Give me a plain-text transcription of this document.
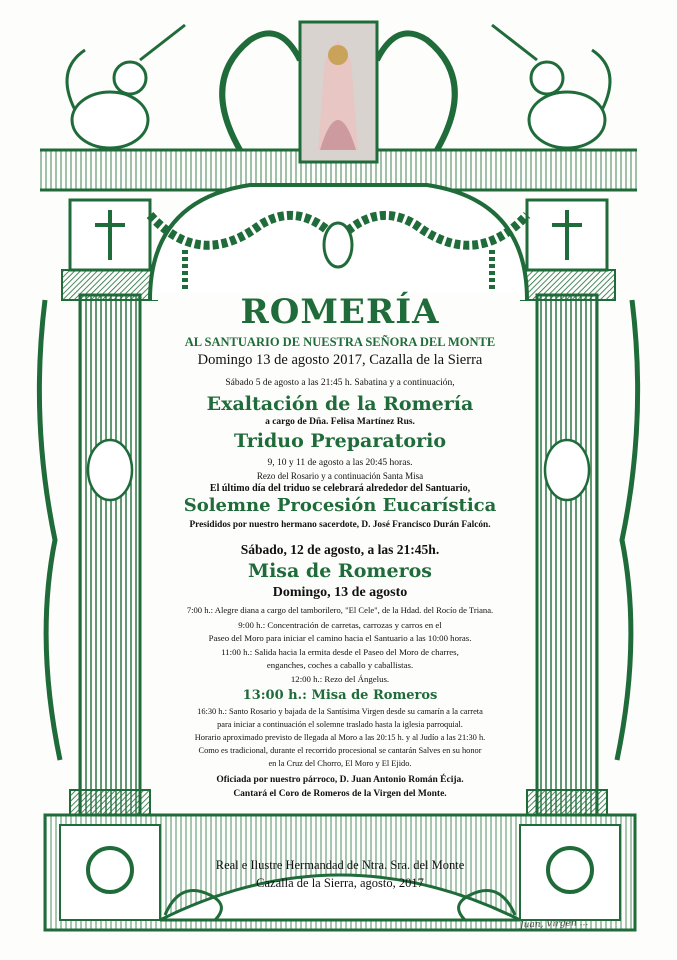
ROMERÍA
AL SANTUARIO DE NUESTRA SEÑORA DEL MONTE
Domingo 13 de agosto 2017, Cazalla de la Sierra
Sábado 5 de agosto a las 21:45 h. Sabatina y a continuación,
Exaltación de la Romería
a cargo de Dña. Felisa Martínez Rus.
Triduo Preparatorio
9, 10 y 11 de agosto a las 20:45 horas.
Rezo del Rosario y a continuación Santa Misa
El último día del triduo se celebrará alrededor del Santuario,
Solemne Procesión Eucarística
Presididos por nuestro hermano sacerdote, D. José Francisco Durán Falcón.
Sábado, 12 de agosto, a las 21:45h.
Misa de Romeros
Domingo, 13 de agosto
7:00 h.: Alegre diana a cargo del tamborilero, "El Cele", de la Hdad. del Rocío de Triana.
9:00 h.: Concentración de carretas, carrozas y carros en el
Paseo del Moro para iniciar el camino hacia el Santuario a las 10:00 horas.
11:00 h.: Salida hacia la ermita desde el Paseo del Moro de charres,
enganches, coches a caballo y caballistas.
12:00 h.: Rezo del Ángelus.
13:00 h.: Misa de Romeros
16:30 h.: Santo Rosario y bajada de la Santísima Virgen desde su camarín a la carreta
para iniciar a continuación el solemne traslado hasta la iglesia parroquial.
Horario aproximado previsto de llegada al Moro a las 20:15 h. y al Judío a las 21:30 h.
Como es tradicional, durante el recorrido procesional se cantarán Salves en su honor
en la Cruz del Chorro, El Moro y El Ejido.
Oficiada por nuestro párroco, D. Juan Antonio Román Écija.
Cantará el Coro de Romeros de la Virgen del Monte.
Real e Ilustre Hermandad de Ntra. Sra. del Monte
Cazalla de la Sierra, agosto, 2017
Juan, Virgen ...
